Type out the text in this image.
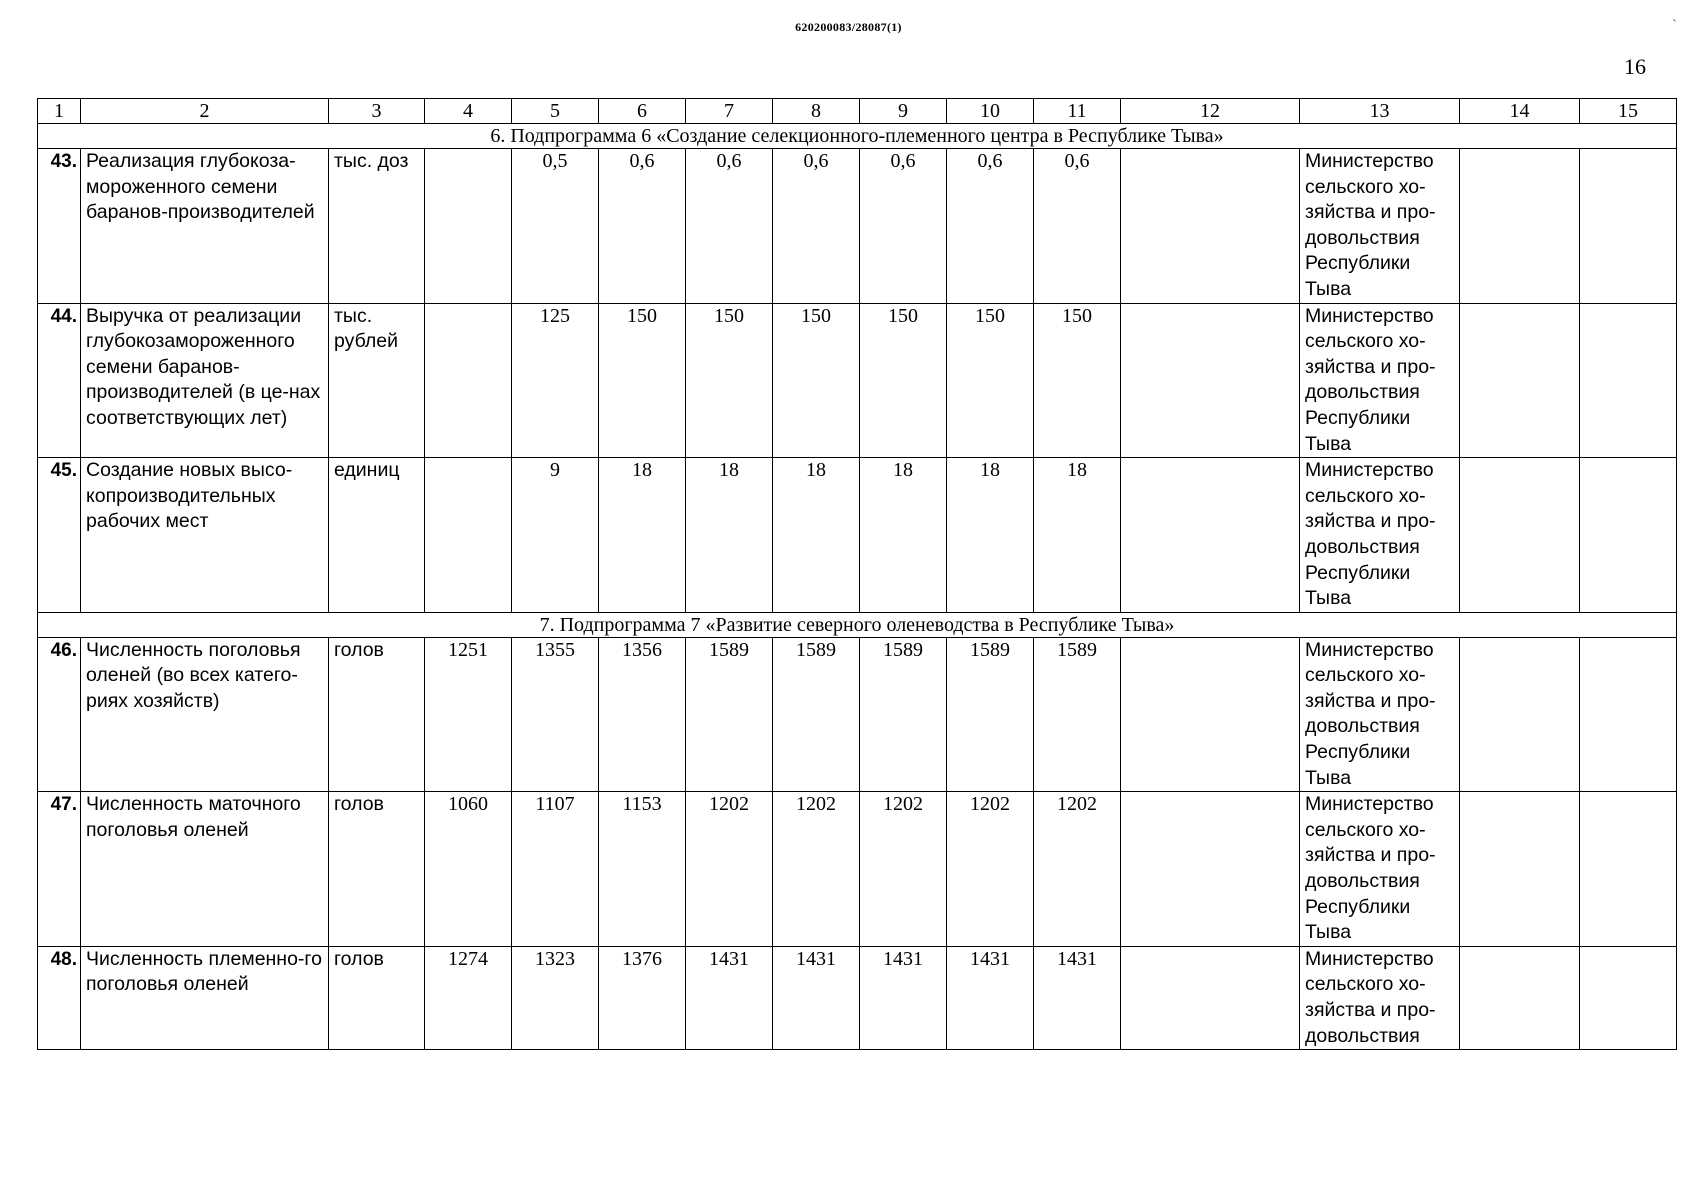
620200083/28087(1)
16
`
1	2	3	4	5	6	7	8	9	10	11	12	13	14	15
6. Подпрограмма 6 «Создание селекционного-племенного центра в Республике Тыва»														
43.	Реализация глубокоза-мороженного семени баранов-производителей	тыс. доз		0,5	0,6	0,6	0,6	0,6	0,6	0,6		Министерство сельского хо-зяйства и про-довольствия Республики Тыва		
44.	Выручка от реализации глубокозамороженного семени баранов-производителей (в це-нах соответствующих лет)	тыс. рублей		125	150	150	150	150	150	150		Министерство сельского хо-зяйства и про-довольствия Республики Тыва		
45.	Создание новых высо-копроизводительных рабочих мест	единиц		9	18	18	18	18	18	18		Министерство сельского хо-зяйства и про-довольствия Республики Тыва		
7. Подпрограмма 7 «Развитие северного оленеводства в Республике Тыва»														
46.	Численность поголовья оленей (во всех катего-риях хозяйств)	голов	1251	1355	1356	1589	1589	1589	1589	1589		Министерство сельского хо-зяйства и про-довольствия Республики Тыва		
47.	Численность маточного поголовья оленей	голов	1060	1107	1153	1202	1202	1202	1202	1202		Министерство сельского хо-зяйства и про-довольствия Республики Тыва		
48.	Численность племенно-го поголовья оленей	голов	1274	1323	1376	1431	1431	1431	1431	1431		Министерство сельского хо-зяйства и про-довольствия		
